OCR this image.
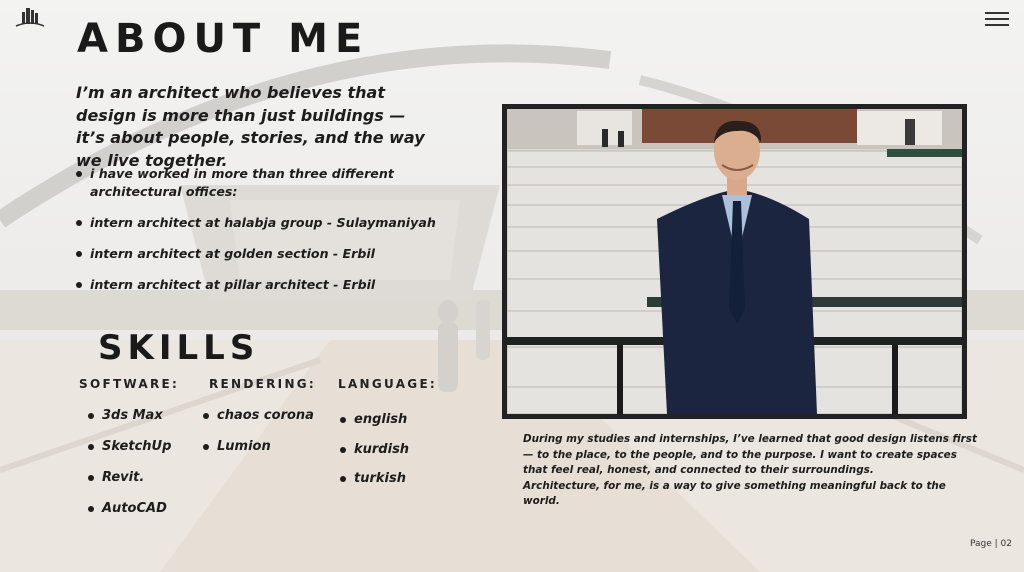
ABOUT ME

I’m an architect who believes that design is more than just buildings — it’s about people, stories, and the way we live together.

i have worked in more than three different architectural offices:
intern architect at halabja group - Sulaymaniyah
intern architect at golden section - Erbil
intern architect at pillar architect - Erbil
SKILLS
SOFTWARE: RENDERING: LANGUAGE:
3ds Max
SketchUp
Revit.
AutoCAD
chaos corona
Lumion
english
kurdish
turkish

During my studies and internships, I’ve learned that good design listens first — to the place, to the people, and to the purpose. I want to create spaces that feel real, honest, and connected to their surroundings.

Architecture, for me, is a way to give something meaningful back to the world.

Page | 02
